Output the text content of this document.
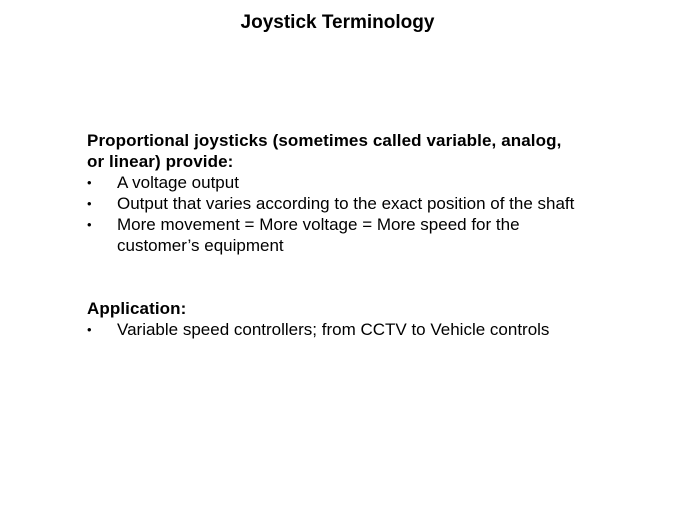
Joystick Terminology

Proportional joysticks (sometimes called variable, analog, or linear) provide:

•	A voltage output
•	Output that varies according to the exact position of the shaft
•	More movement = More voltage = More speed for the customer’s equipment

Application:

•	Variable speed controllers; from CCTV to Vehicle controls
